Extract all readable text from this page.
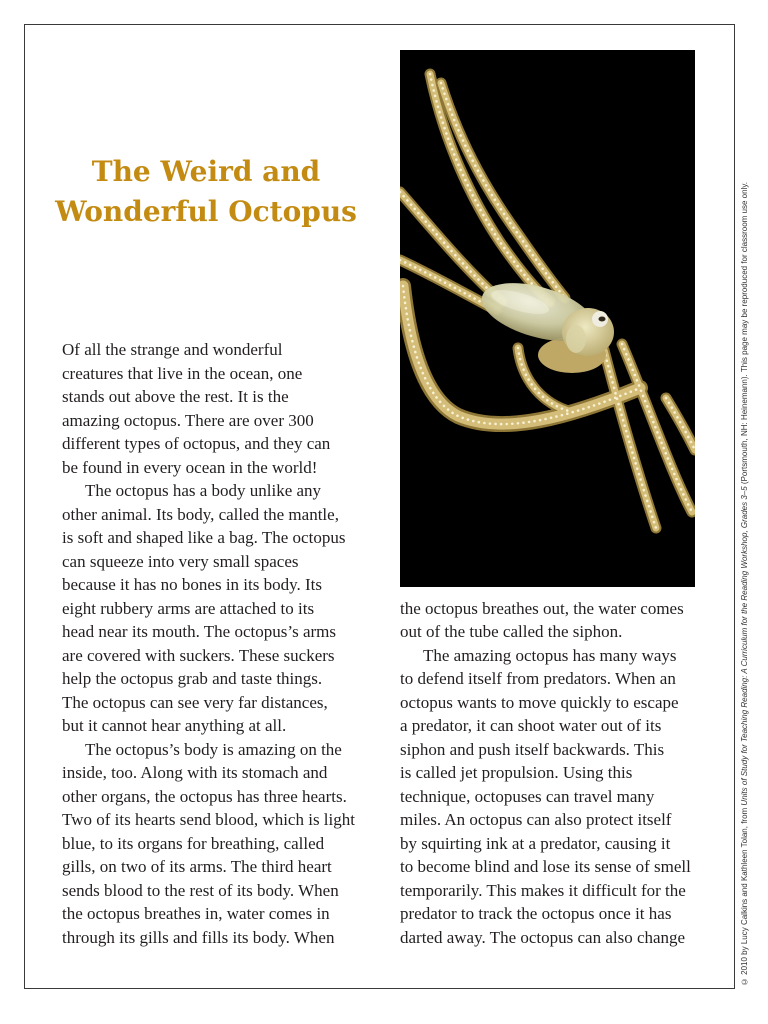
The Weird and
Wonderful Octopus
Of all the strange and wonderful
creatures that live in the ocean, one
stands out above the rest. It is the
amazing octopus. There are over 300
different types of octopus, and they can
be found in every ocean in the world!
The octopus has a body unlike any
other animal. Its body, called the mantle,
is soft and shaped like a bag. The octopus
can squeeze into very small spaces
because it has no bones in its body. Its
eight rubbery arms are attached to its
head near its mouth. The octopus’s arms
are covered with suckers. These suckers
help the octopus grab and taste things.
The octopus can see very far distances,
but it cannot hear anything at all.
The octopus’s body is amazing on the
inside, too. Along with its stomach and
other organs, the octopus has three hearts.
Two of its hearts send blood, which is light
blue, to its organs for breathing, called
gills, on two of its arms. The third heart
sends blood to the rest of its body. When
the octopus breathes in, water comes in
through its gills and fills its body. When
the octopus breathes out, the water comes
out of the tube called the siphon.
The amazing octopus has many ways
to defend itself from predators. When an
octopus wants to move quickly to escape
a predator, it can shoot water out of its
siphon and push itself backwards. This
is called jet propulsion. Using this
technique, octopuses can travel many
miles. An octopus can also protect itself
by squirting ink at a predator, causing it
to become blind and lose its sense of smell
temporarily. This makes it difficult for the
predator to track the octopus once it has
darted away. The octopus can also change	© 2010 by Lucy Calkins and Kathleen Tolan, from Units of Study for Teaching Reading: A Curriculum for the Reading Workshop, Grades 3–5 (Portsmouth, NH: Heinemann). This page may be reproduced for classroom use only.
